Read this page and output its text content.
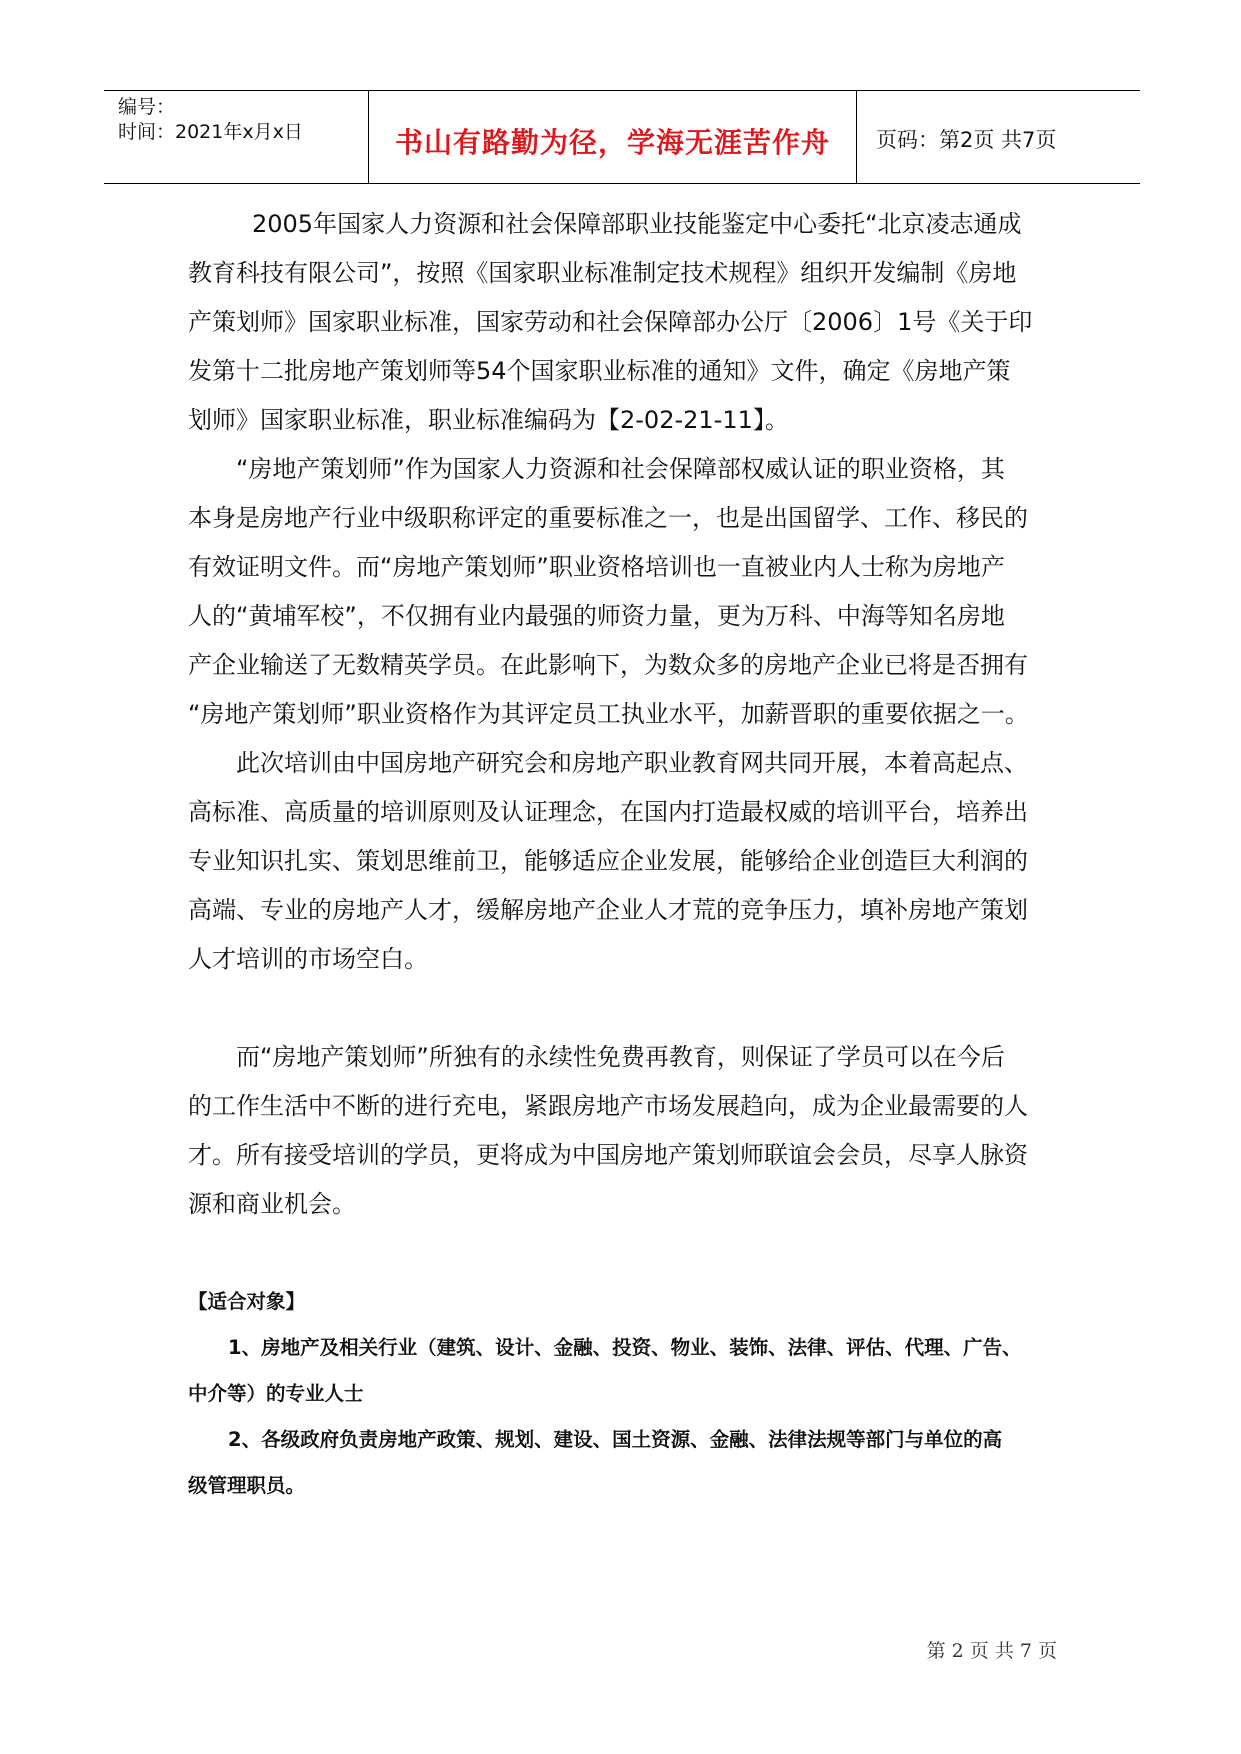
编号：
时间：2021年x月x日	书山有路勤为径，学海无涯苦作舟	页码：第2页 共7页

　2005年国家人力资源和社会保障部职业技能鉴定中心委托“北京凌志通成
教育科技有限公司”，按照《国家职业标准制定技术规程》组织开发编制《房地
产策划师》国家职业标准，国家劳动和社会保障部办公厅〔2006〕1号《关于印
发第十二批房地产策划师等54个国家职业标准的通知》文件，确定《房地产策
划师》国家职业标准，职业标准编码为【2-02-21-11】。

“房地产策划师”作为国家人力资源和社会保障部权威认证的职业资格，其
本身是房地产行业中级职称评定的重要标准之一，也是出国留学、工作、移民的
有效证明文件。而“房地产策划师”职业资格培训也一直被业内人士称为房地产
人的“黄埔军校”，不仅拥有业内最强的师资力量，更为万科、中海等知名房地
产企业输送了无数精英学员。在此影响下，为数众多的房地产企业已将是否拥有
“房地产策划师”职业资格作为其评定员工执业水平，加薪晋职的重要依据之一。

此次培训由中国房地产研究会和房地产职业教育网共同开展，本着高起点、
高标准、高质量的培训原则及认证理念，在国内打造最权威的培训平台，培养出
专业知识扎实、策划思维前卫，能够适应企业发展，能够给企业创造巨大利润的
高端、专业的房地产人才，缓解房地产企业人才荒的竞争压力，填补房地产策划
人才培训的市场空白。

而“房地产策划师”所独有的永续性免费再教育，则保证了学员可以在今后
的工作生活中不断的进行充电，紧跟房地产市场发展趋向，成为企业最需要的人
才。所有接受培训的学员，更将成为中国房地产策划师联谊会会员，尽享人脉资
源和商业机会。

【适合对象】

1、房地产及相关行业（建筑、设计、金融、投资、物业、装饰、法律、评估、代理、广告、
中介等）的专业人士

2、各级政府负责房地产政策、规划、建设、国土资源、金融、法律法规等部门与单位的高
级管理职员。

第 2 页 共 7 页
